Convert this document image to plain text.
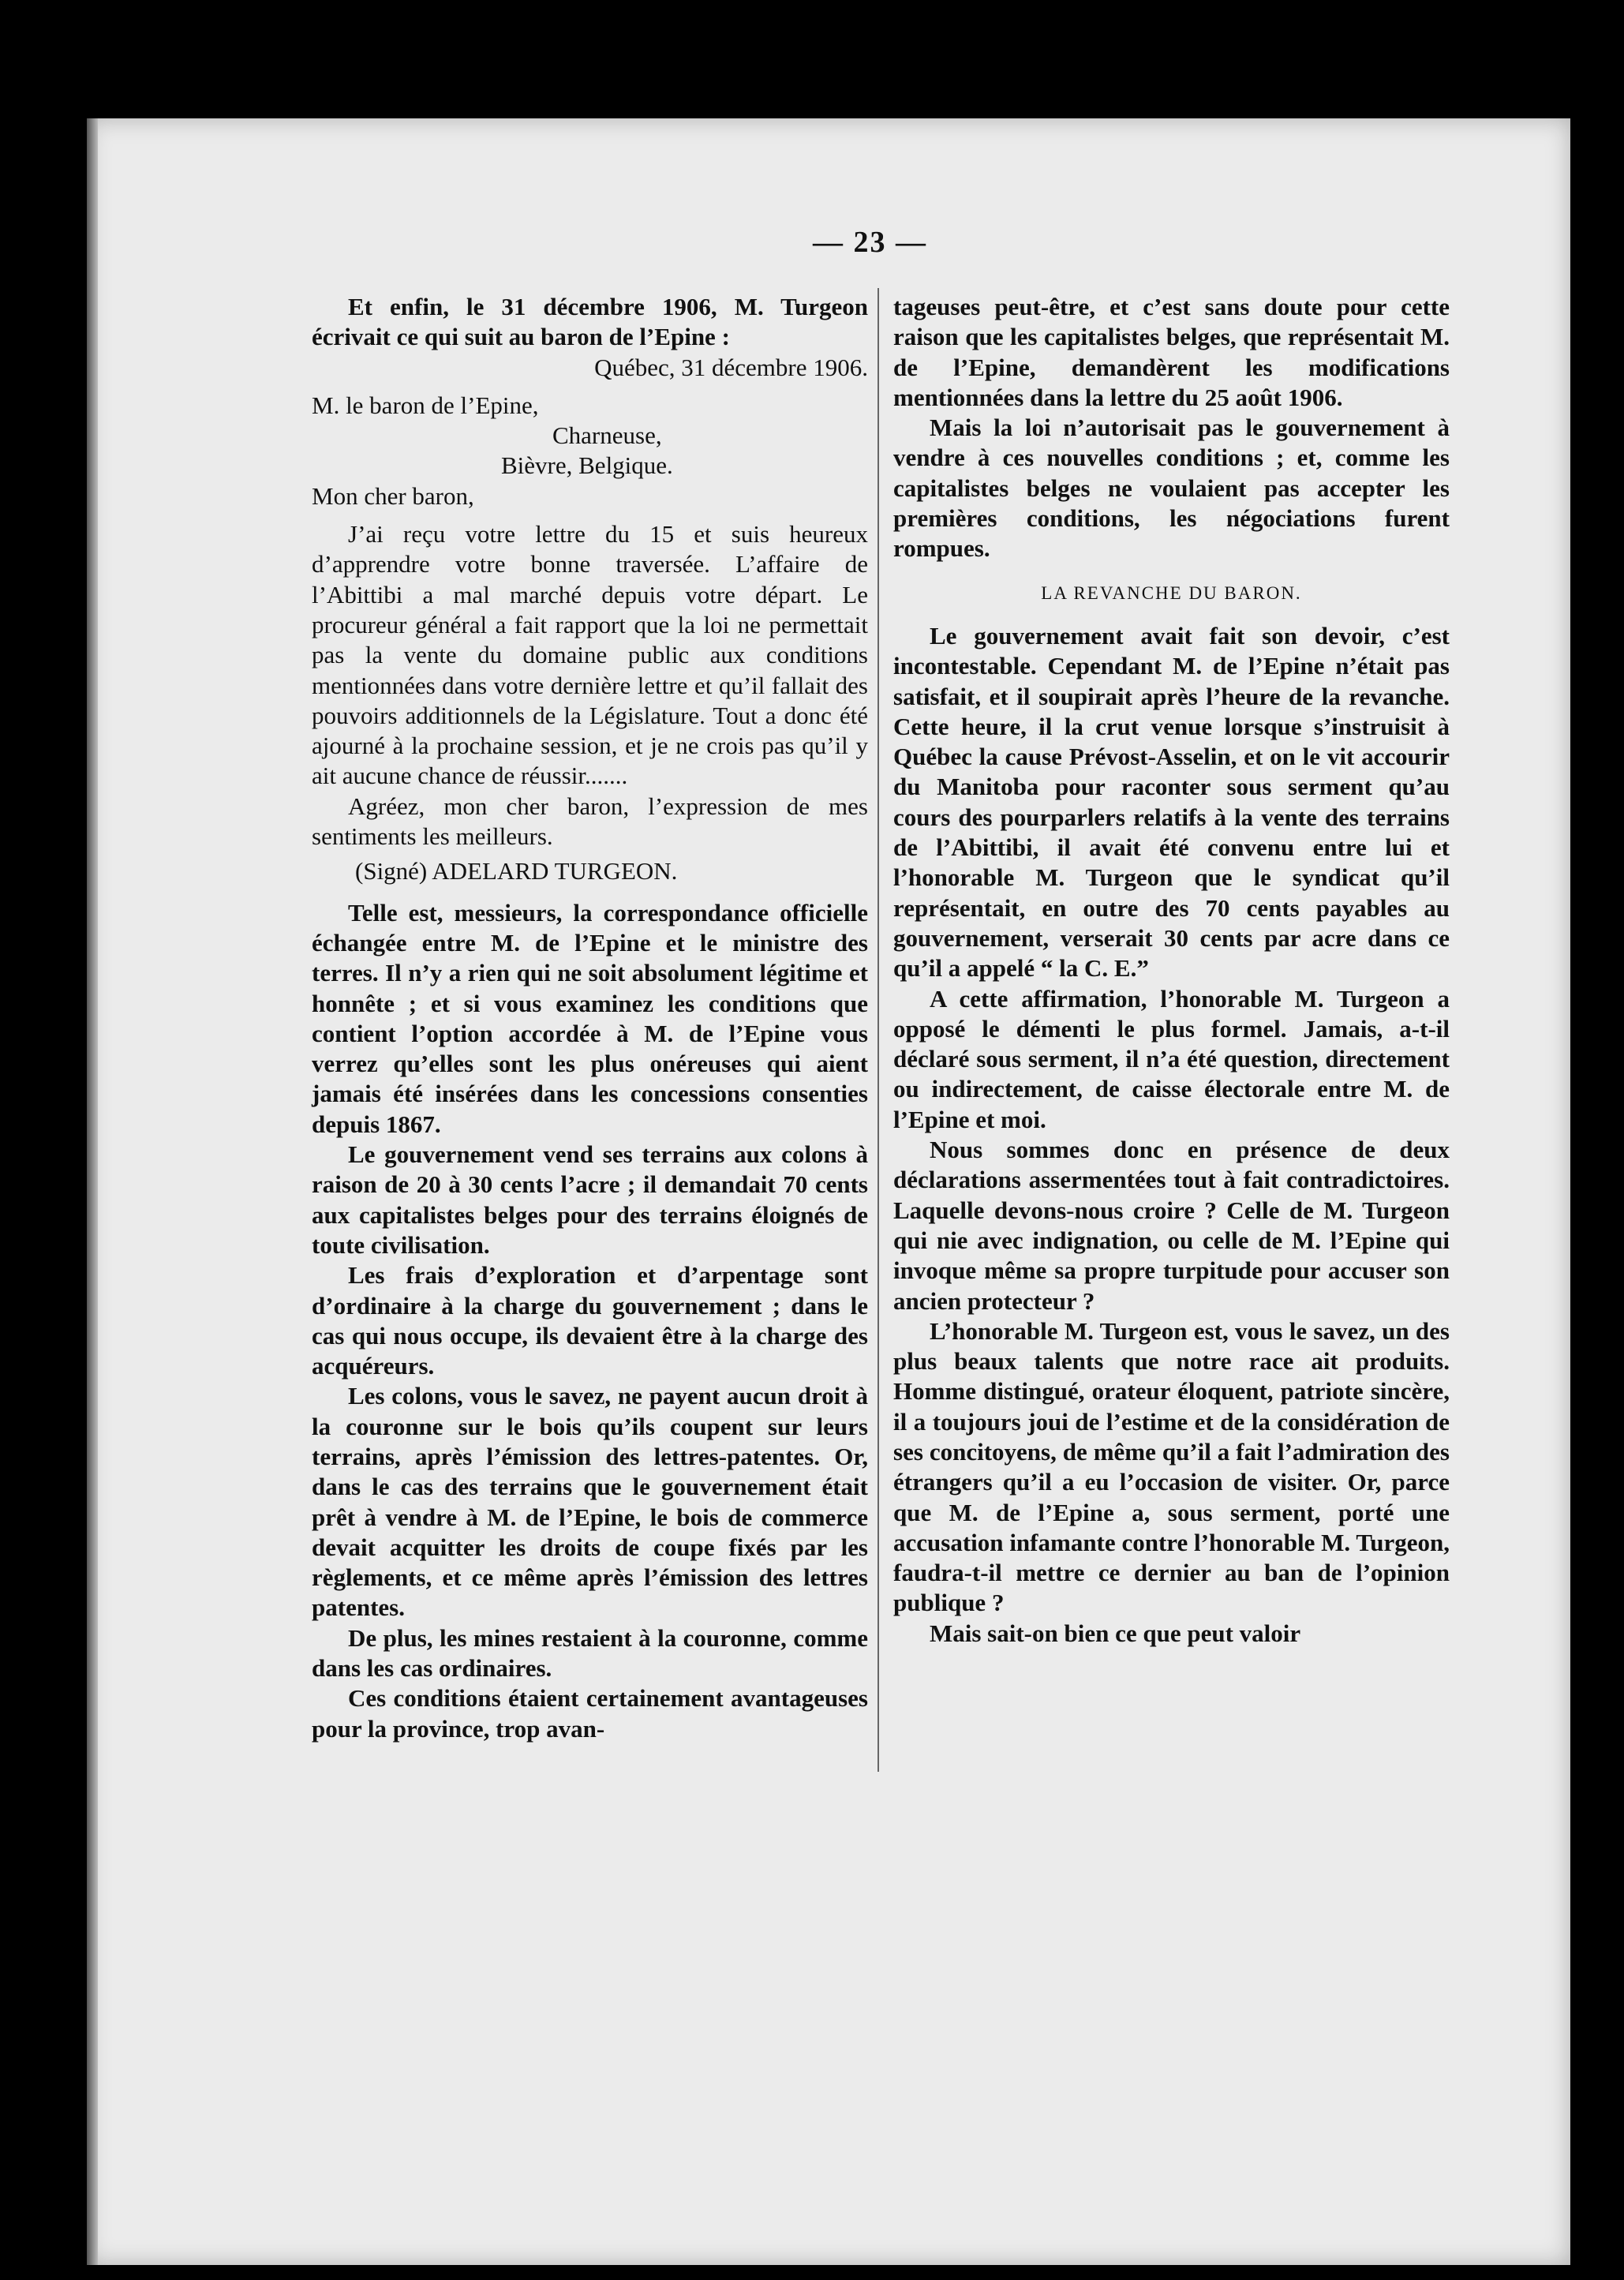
— 23 —

Et enfin, le 31 décembre 1906, M. Turgeon écrivait ce qui suit au baron de l’Epine :

Québec, 31 décembre 1906.

M. le baron de l’Epine,

Charneuse,

Bièvre, Belgique.

Mon cher baron,

J’ai reçu votre lettre du 15 et suis heureux d’apprendre votre bonne traversée. L’affaire de l’Abittibi a mal marché depuis votre départ. Le procureur général a fait rapport que la loi ne permettait pas la vente du domaine public aux conditions mentionnées dans votre dernière lettre et qu’il fallait des pouvoirs additionnels de la Législature. Tout a donc été ajourné à la prochaine session, et je ne crois pas qu’il y ait aucune chance de réussir.......

Agréez, mon cher baron, l’expression de mes sentiments les meilleurs.

(Signé) ADELARD TURGEON.

Telle est, messieurs, la correspondance officielle échangée entre M. de l’Epine et le ministre des terres. Il n’y a rien qui ne soit absolument légitime et honnête ; et si vous examinez les conditions que contient l’option accordée à M. de l’Epine vous verrez qu’elles sont les plus onéreuses qui aient jamais été insérées dans les concessions consenties depuis 1867.

Le gouvernement vend ses terrains aux colons à raison de 20 à 30 cents l’acre ; il demandait 70 cents aux capitalistes belges pour des terrains éloignés de toute civilisation.

Les frais d’exploration et d’arpentage sont d’ordinaire à la charge du gouvernement ; dans le cas qui nous occupe, ils devaient être à la charge des acquéreurs.

Les colons, vous le savez, ne payent aucun droit à la couronne sur le bois qu’ils coupent sur leurs terrains, après l’émission des lettres-patentes. Or, dans le cas des terrains que le gouvernement était prêt à vendre à M. de l’Epine, le bois de commerce devait acquitter les droits de coupe fixés par les règlements, et ce même après l’émission des lettres patentes.

De plus, les mines restaient à la couronne, comme dans les cas ordinaires.

Ces conditions étaient certainement avantageuses pour la province, trop avan-

tageuses peut-être, et c’est sans doute pour cette raison que les capitalistes belges, que représentait M. de l’Epine, demandèrent les modifications mentionnées dans la lettre du 25 août 1906.

Mais la loi n’autorisait pas le gouvernement à vendre à ces nouvelles conditions ; et, comme les capitalistes belges ne voulaient pas accepter les premières conditions, les négociations furent rompues.

LA REVANCHE DU BARON.

Le gouvernement avait fait son devoir, c’est incontestable. Cependant M. de l’Epine n’était pas satisfait, et il soupirait après l’heure de la revanche. Cette heure, il la crut venue lorsque s’instruisit à Québec la cause Prévost-Asselin, et on le vit accourir du Manitoba pour raconter sous serment qu’au cours des pourparlers relatifs à la vente des terrains de l’Abittibi, il avait été convenu entre lui et l’honorable M. Turgeon que le syndicat qu’il représentait, en outre des 70 cents payables au gouvernement, verserait 30 cents par acre dans ce qu’il a appelé “ la C. E.”

A cette affirmation, l’honorable M. Turgeon a opposé le démenti le plus formel. Jamais, a-t-il déclaré sous serment, il n’a été question, directement ou indirectement, de caisse électorale entre M. de l’Epine et moi.

Nous sommes donc en présence de deux déclarations assermentées tout à fait contradictoires. Laquelle devons-nous croire ? Celle de M. Turgeon qui nie avec indignation, ou celle de M. l’Epine qui invoque même sa propre turpitude pour accuser son ancien protecteur ?

L’honorable M. Turgeon est, vous le savez, un des plus beaux talents que notre race ait produits. Homme distingué, orateur éloquent, patriote sincère, il a toujours joui de l’estime et de la considération de ses concitoyens, de même qu’il a fait l’admiration des étrangers qu’il a eu l’occasion de visiter. Or, parce que M. de l’Epine a, sous serment, porté une accusation infamante contre l’honorable M. Turgeon, faudra-t-il mettre ce dernier au ban de l’opinion publique ?

Mais sait-on bien ce que peut valoir
